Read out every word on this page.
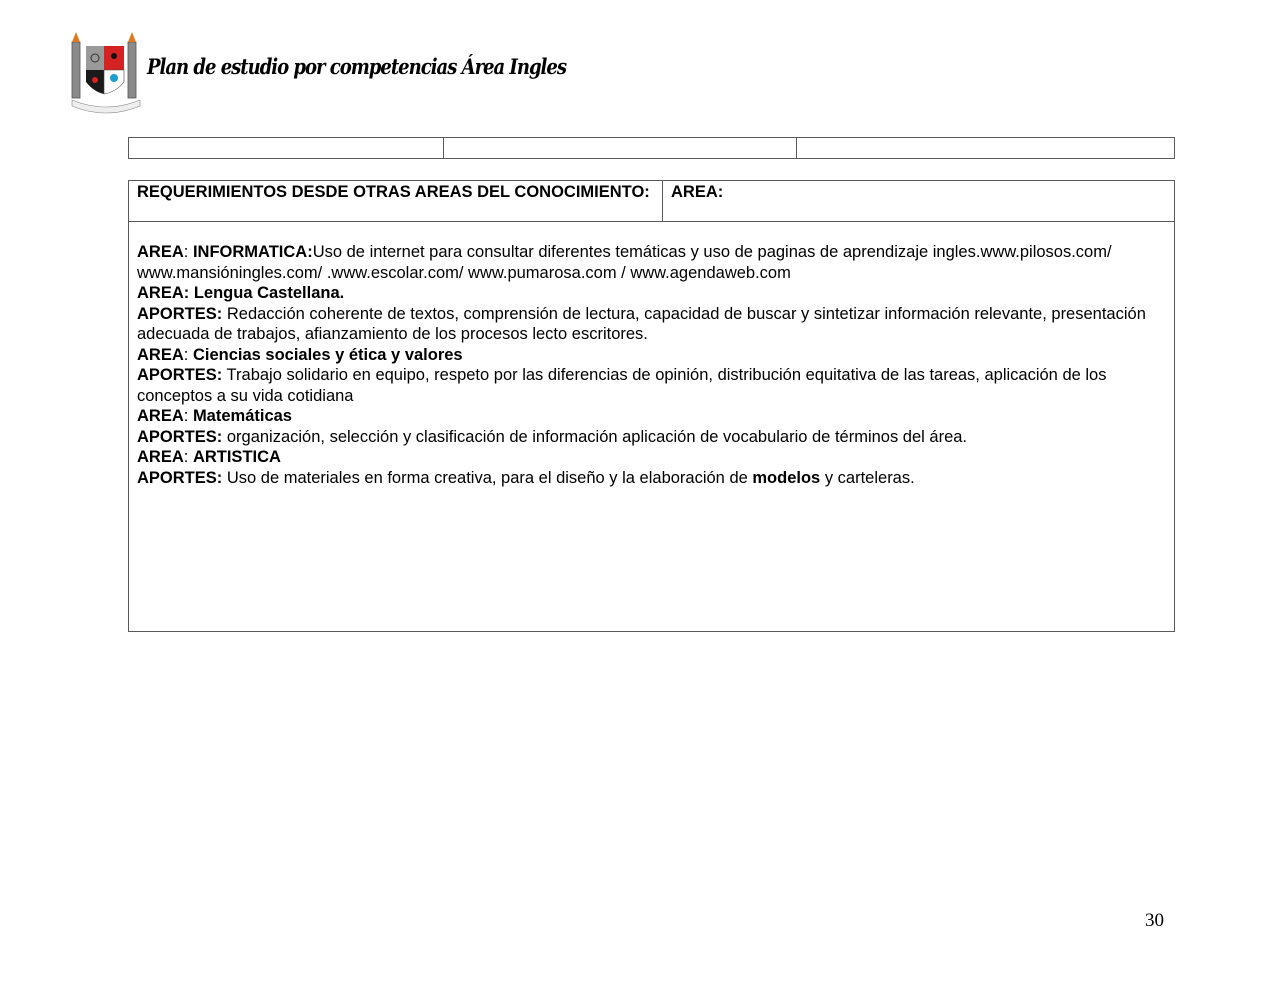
Plan de estudio por competencias Área Ingles

REQUERIMIENTOS DESDE OTRAS AREAS DEL CONOCIMIENTO:	AREA:

AREA: INFORMATICA:Uso de internet para consultar diferentes temáticas y uso de paginas de aprendizaje ingles.www.pilosos.com/ www.mansióningles.com/ .www.escolar.com/ www.pumarosa.com / www.agendaweb.com
AREA: Lengua Castellana.
APORTES: Redacción coherente de textos, comprensión de lectura, capacidad de buscar y sintetizar información relevante, presentación adecuada de trabajos, afianzamiento de los procesos lecto escritores.
AREA: Ciencias sociales y ética y valores
APORTES: Trabajo solidario en equipo, respeto por las diferencias de opinión, distribución equitativa de las tareas, aplicación de los conceptos a su vida cotidiana
AREA: Matemáticas
APORTES: organización, selección y clasificación de información aplicación de vocabulario de términos del área.
AREA: ARTISTICA
APORTES: Uso de materiales en forma creativa, para el diseño y la elaboración de modelos y carteleras.
30
